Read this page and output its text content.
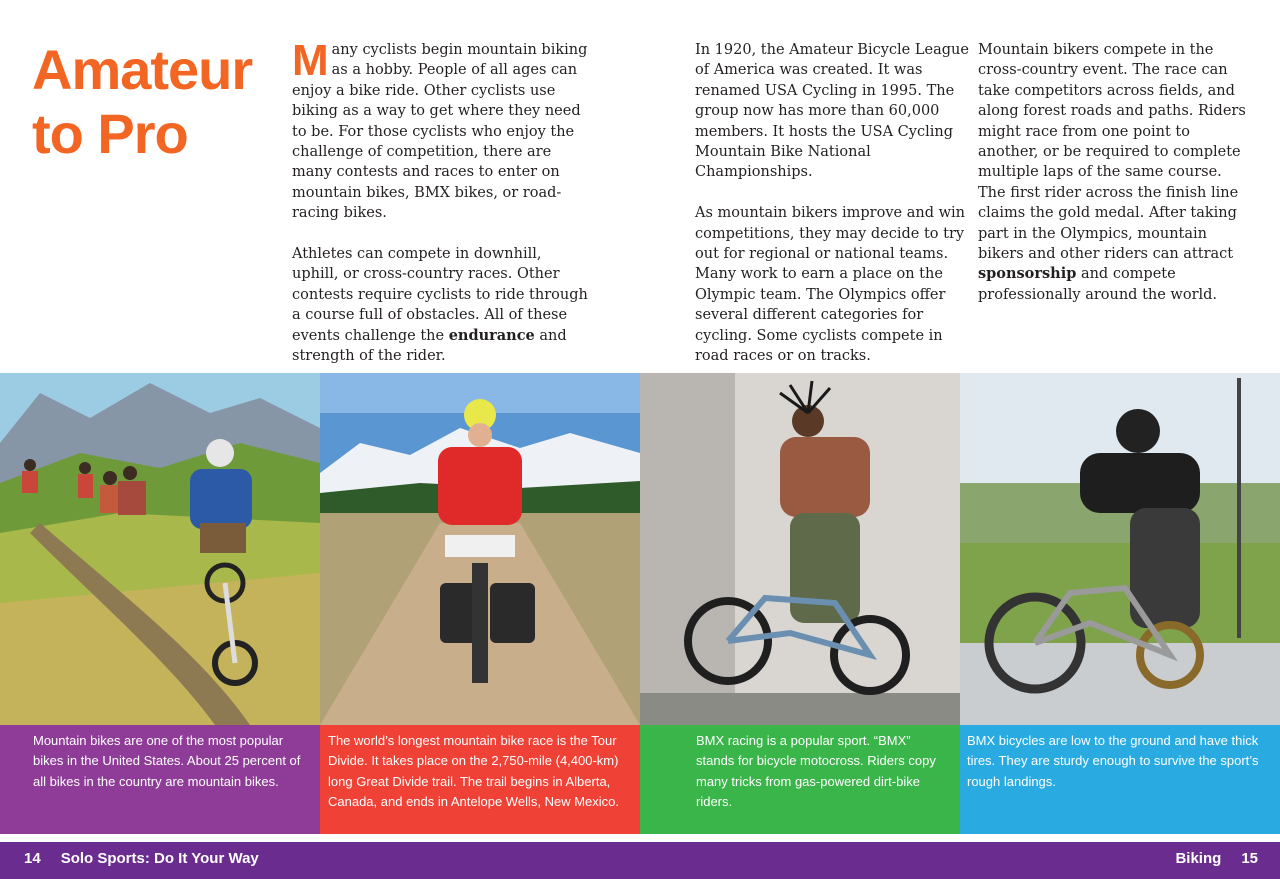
Amateur
to Pro

Many cyclists begin mountain biking as a hobby. People of all ages can enjoy a bike ride. Other cyclists use biking as a way to get where they need to be. For those cyclists who enjoy the challenge of competition, there are many contests and races to enter on mountain bikes, BMX bikes, or road-racing bikes.

Athletes can compete in downhill, uphill, or cross-country races. Other contests require cyclists to ride through a course full of obstacles. All of these events challenge the endurance and strength of the rider.

In 1920, the Amateur Bicycle League of America was created. It was renamed USA Cycling in 1995. The group now has more than 60,000 members. It hosts the USA Cycling Mountain Bike National Championships.

As mountain bikers improve and win competitions, they may decide to try out for regional or national teams. Many work to earn a place on the Olympic team. The Olympics offer several different categories for cycling. Some cyclists compete in road races or on tracks.

Mountain bikers compete in the cross-country event. The race can take competitors across fields, and along forest roads and paths. Riders might race from one point to another, or be required to complete multiple laps of the same course. The first rider across the finish line claims the gold medal. After taking part in the Olympics, mountain bikers and other riders can attract sponsorship and compete professionally around the world.

Mountain bikes are one of the most popular bikes in the United States. About 25 percent of all bikes in the country are mountain bikes.
The world’s longest mountain bike race is the Tour Divide. It takes place on the 2,750-mile (4,400-km) long Great Divide trail. The trail begins in Alberta, Canada, and ends in Antelope Wells, New Mexico.
BMX racing is a popular sport. “BMX” stands for bicycle motocross. Riders copy many tricks from gas-powered dirt-bike riders.
BMX bicycles are low to the ground and have thick tires. They are sturdy enough to survive the sport’s rough landings.
14 Solo Sports: Do It Your Way	Biking 15
